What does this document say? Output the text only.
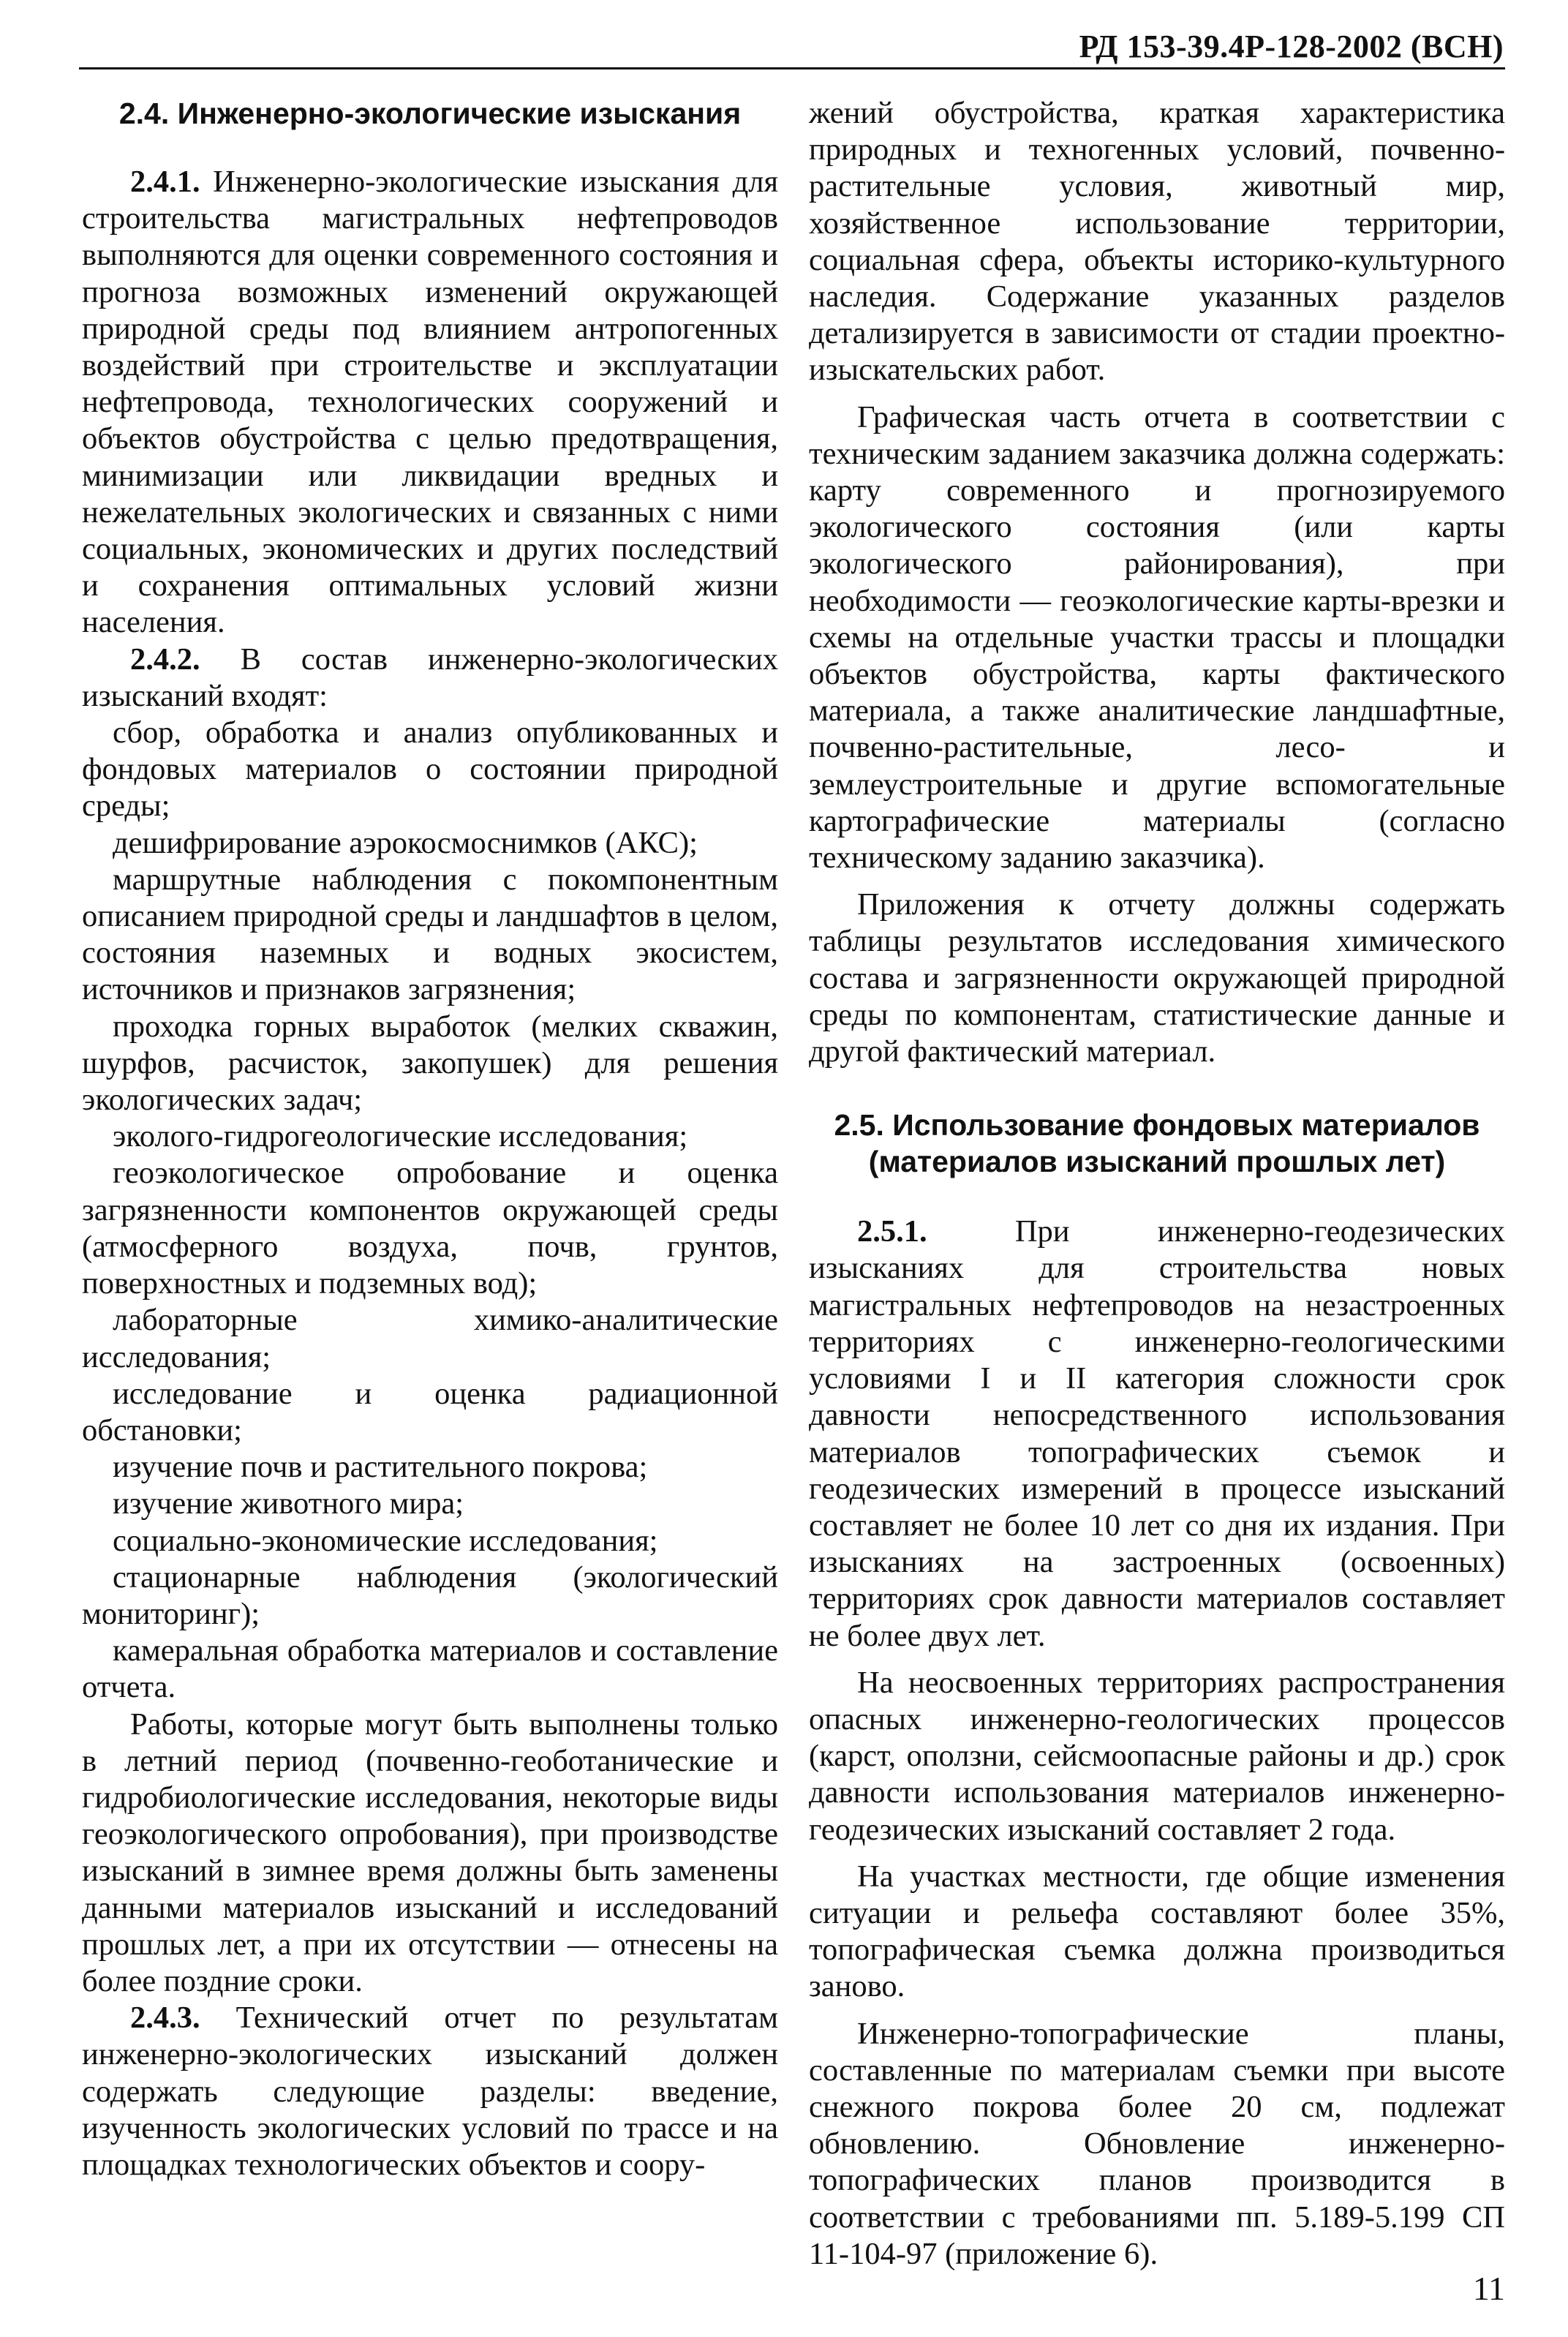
РД 153-39.4Р-128-2002 (ВСН)
2.4. Инженерно-экологические изыскания

2.4.1. Инженерно-экологические изыскания для строительства магистральных нефтепроводов выполняются для оценки современного состояния и прогноза возможных изменений окружающей природной среды под влиянием антропогенных воздействий при строительстве и эксплуатации нефтепровода, технологических сооружений и объектов обустройства с целью предотвращения, минимизации или ликвидации вредных и нежелательных экологических и связанных с ними социальных, экономических и других последствий и сохранения оптимальных условий жизни населения.

2.4.2. В состав инженерно-экологических изысканий входят:

сбор, обработка и анализ опубликованных и фондовых материалов о состоянии природной среды;

дешифрирование аэрокосмоснимков (АКС);

маршрутные наблюдения с покомпонентным описанием природной среды и ландшафтов в целом, состояния наземных и водных экосистем, источников и признаков загрязнения;

проходка горных выработок (мелких скважин, шурфов, расчисток, закопушек) для решения экологических задач;

эколого-гидрогеологические исследования;

геоэкологическое опробование и оценка загрязненности компонентов окружающей среды (атмосферного воздуха, почв, грунтов, поверхностных и подземных вод);

лабораторные химико-аналитические исследования;

исследование и оценка радиационной обстановки;

изучение почв и растительного покрова;

изучение животного мира;

социально-экономические исследования;

стационарные наблюдения (экологический мониторинг);

камеральная обработка материалов и составление отчета.

Работы, которые могут быть выполнены только в летний период (почвенно-геоботанические и гидробиологические исследования, некоторые виды геоэкологического опробования), при производстве изысканий в зимнее время должны быть заменены данными материалов изысканий и исследований прошлых лет, а при их отсутствии — отнесены на более поздние сроки.

2.4.3. Технический отчет по результатам инженерно-экологических изысканий должен содержать следующие разделы: введение, изученность экологических условий по трассе и на площадках технологических объектов и соору-

жений обустройства, краткая характеристика природных и техногенных условий, почвенно-растительные условия, животный мир, хозяйственное использование территории, социальная сфера, объекты историко-культурного наследия. Содержание указанных разделов детализируется в зависимости от стадии проектно-изыскательских работ.

Графическая часть отчета в соответствии с техническим заданием заказчика должна содержать: карту современного и прогнозируемого экологического состояния (или карты экологического районирования), при необходимости — геоэкологические карты-врезки и схемы на отдельные участки трассы и площадки объектов обустройства, карты фактического материала, а также аналитические ландшафтные, почвенно-растительные, лесо- и землеустроительные и другие вспомогательные картографические материалы (согласно техническому заданию заказчика).

Приложения к отчету должны содержать таблицы результатов исследования химического состава и загрязненности окружающей природной среды по компонентам, статистические данные и другой фактический материал.

2.5. Использование фондовых материалов
(материалов изысканий прошлых лет)

2.5.1. При инженерно-геодезических изысканиях для строительства новых магистральных нефтепроводов на незастроенных территориях с инженерно-геологическими условиями I и II категория сложности срок давности непосредственного использования материалов топографических съемок и геодезических измерений в процессе изысканий составляет не более 10 лет со дня их издания. При изысканиях на застроенных (освоенных) территориях срок давности материалов составляет не более двух лет.

На неосвоенных территориях распространения опасных инженерно-геологических процессов (карст, оползни, сейсмоопасные районы и др.) срок давности использования материалов инженерно-геодезических изысканий составляет 2 года.

На участках местности, где общие изменения ситуации и рельефа составляют более 35%, топографическая съемка должна производиться заново.

Инженерно-топографические планы, составленные по материалам съемки при высоте снежного покрова более 20 см, подлежат обновлению. Обновление инженерно-топографических планов производится в соответствии с требованиями пп. 5.189-5.199 СП 11-104-97 (приложение 6).

11
